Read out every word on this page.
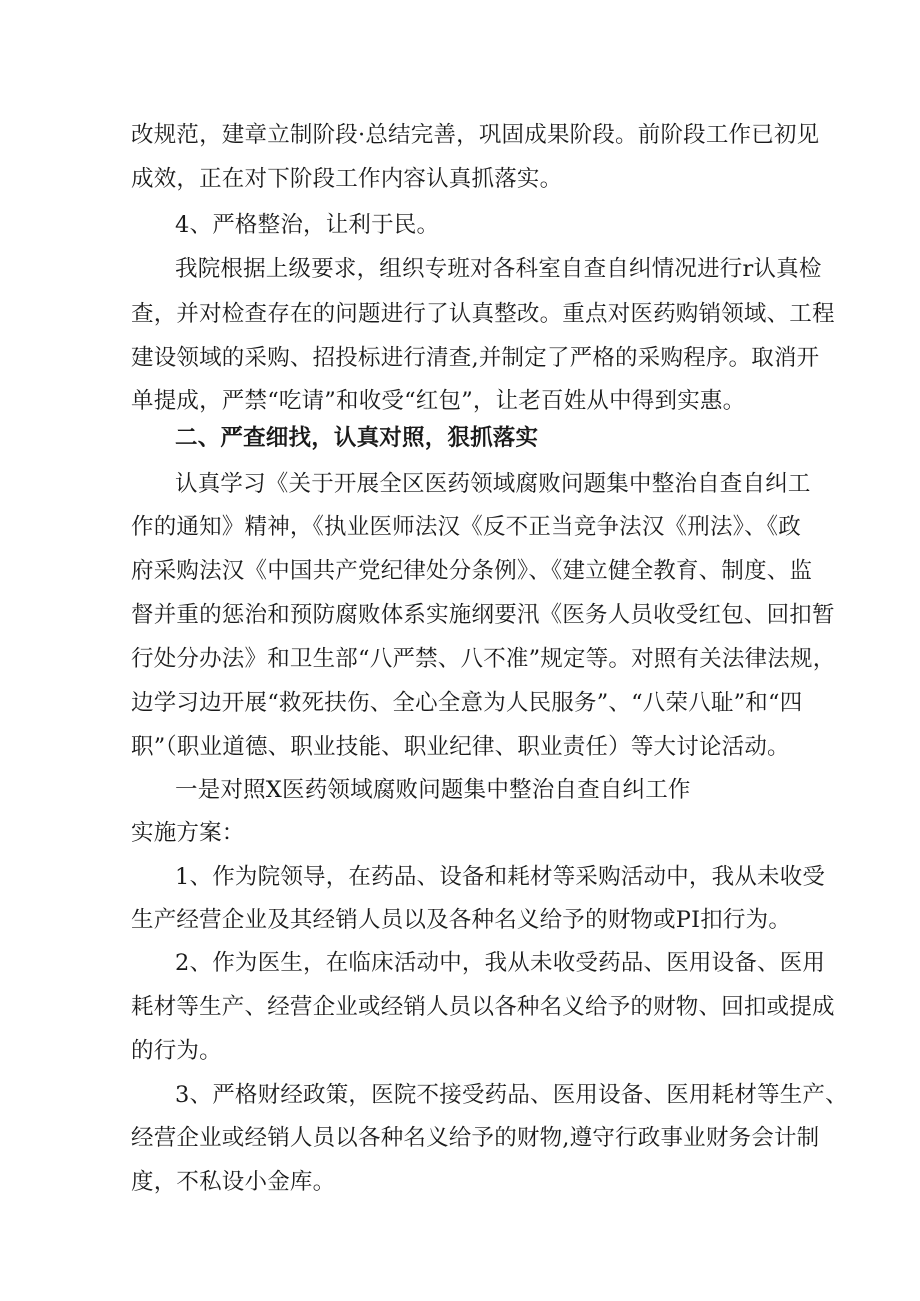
改规范，建章立制阶段·总结完善，巩固成果阶段。前阶段工作已初见
成效，正在对下阶段工作内容认真抓落实。
4、严格整治，让利于民。
我院根据上级要求，组织专班对各科室自查自纠情况进行r认真检
查，并对检查存在的问题进行了认真整改。重点对医药购销领域、工程
建设领域的采购、招投标进行清查,并制定了严格的采购程序。取消开
单提成，严禁“吃请”和收受“红包”，让老百姓从中得到实惠。
二、严查细找，认真对照，狠抓落实
认真学习《关于开展全区医药领域腐败问题集中整治自查自纠工
作的通知》精神，《执业医师法汉《反不正当竞争法汉《刑法》、《政
府采购法汉《中国共产党纪律处分条例》、《建立健全教育、制度、监
督并重的惩治和预防腐败体系实施纲要汛《医务人员收受红包、回扣暂
行处分办法》和卫生部“八严禁、八不准”规定等。对照有关法律法规，
边学习边开展“救死扶伤、全心全意为人民服务”、“八荣八耻”和“四
职”（职业道德、职业技能、职业纪律、职业责任）等大讨论活动。
一是对照X医药领域腐败问题集中整治自查自纠工作
实施方案：
1、作为院领导，在药品、设备和耗材等采购活动中，我从未收受
生产经营企业及其经销人员以及各种名义给予的财物或PI扣行为。
2、作为医生，在临床活动中，我从未收受药品、医用设备、医用
耗材等生产、经营企业或经销人员以各种名义给予的财物、回扣或提成
的行为。
3、严格财经政策，医院不接受药品、医用设备、医用耗材等生产、
经营企业或经销人员以各种名义给予的财物,遵守行政事业财务会计制
度，不私设小金库。
